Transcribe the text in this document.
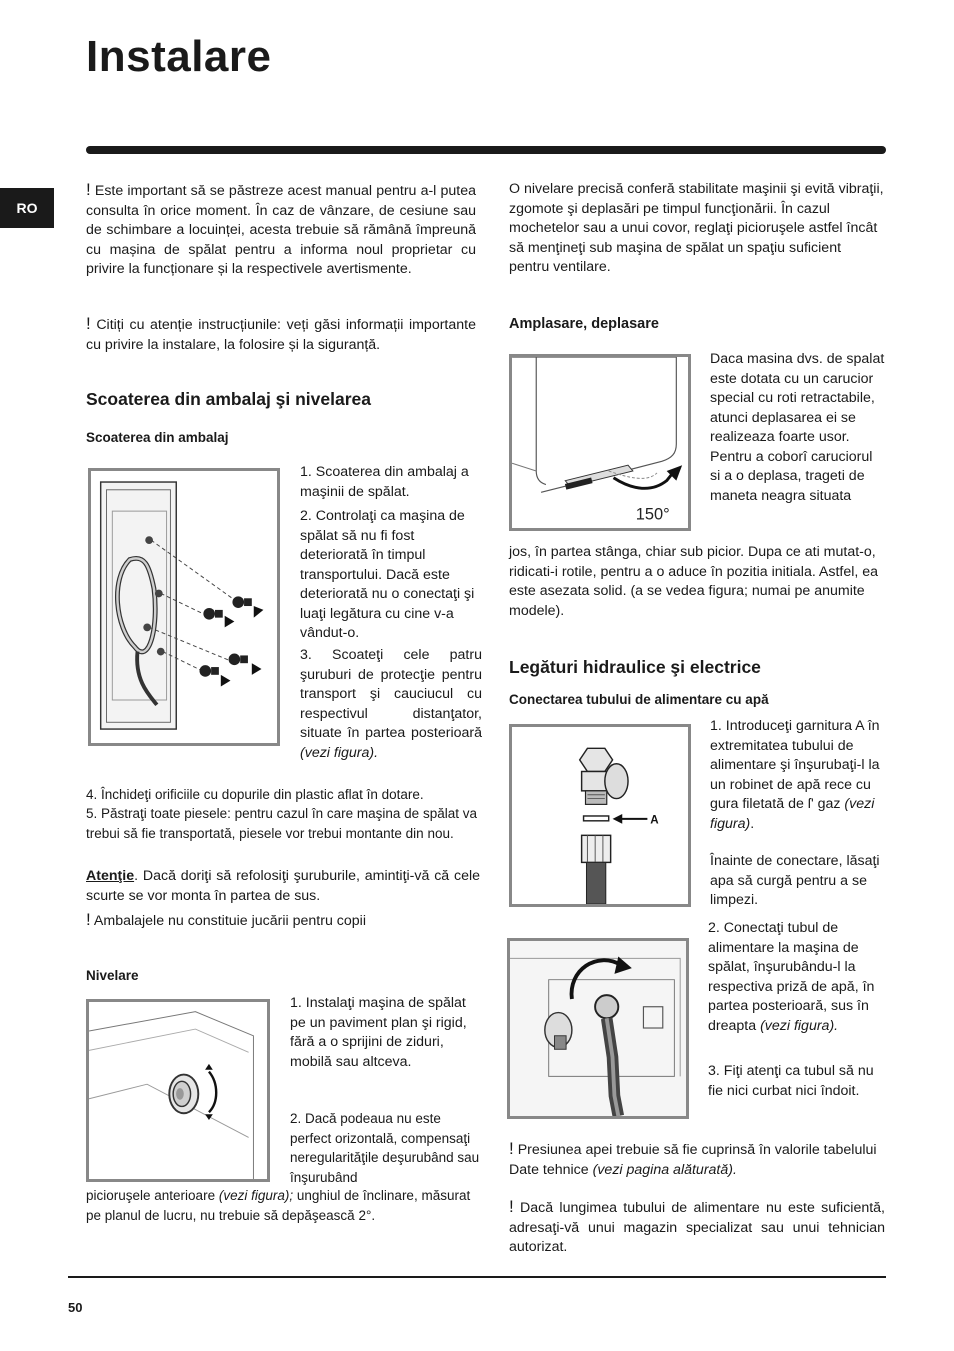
Instalare
RO

! Este important să se păstreze acest manual pentru a-l putea consulta în orice moment. În caz de vânzare, de cesiune sau de schimbare a locuinței, acesta trebuie să rămână împreună cu mașina de spălat pentru a informa noul proprietar cu privire la funcționare și la respectivele avertismente.

! Citiți cu atenție instrucțiunile: veți găsi informații importante cu privire la instalare, la folosire și la siguranță.

Scoaterea din ambalaj şi nivelarea
Scoaterea din ambalaj

1. Scoaterea din ambalaj a maşinii de spălat.

2. Controlaţi ca maşina de spălat să nu fi fost deteriorată în timpul transportului. Dacă este deteriorată nu o conectaţi şi luaţi legătura cu cine v-a vândut-o.

3. Scoateţi cele patru şuruburi de protecţie pentru transport şi cauciucul cu respectivul distanţator, situate în partea posterioară (vezi figura).

4. Închideţi orificiile cu dopurile din plastic aflat în dotare.

5. Păstraţi toate piesele: pentru cazul în care maşina de spălat va trebui să fie transportată, piesele vor trebui montante din nou.

Atenţie. Dacă doriţi să refolosiţi şuruburile, amintiţi-vă că cele scurte se vor monta în partea de sus.

! Ambalajele nu constituie jucării pentru copii

Nivelare

1. Instalaţi maşina de spălat pe un paviment plan şi rigid, fără a o sprijini de ziduri, mobilă sau altceva.

2. Dacă podeaua nu este perfect orizontală, compensaţi neregularităţile deşurubând sau înşurubând

picioruşele anterioare (vezi figura); unghiul de înclinare, măsurat pe planul de lucru, nu trebuie să depăşească 2°.

O nivelare precisă conferă stabilitate maşinii şi evită vibraţii, zgomote şi deplasări pe timpul funcţionării. În cazul mochetelor sau a unui covor, reglaţi picioruşele astfel încât să menţineţi sub maşina de spălat un spaţiu suficient pentru ventilare.

Amplasare, deplasare
150°

Daca masina dvs. de spalat este dotata cu un carucior special cu roti retractabile, atunci deplasarea ei se realizeaza foarte usor. Pentru a coborî caruciorul si a o deplasa, trageti de maneta neagra situata

jos, în partea stânga, chiar sub picior. Dupa ce ati mutat-o, ridicati-i rotile, pentru a o aduce în pozitia initiala. Astfel, ea este asezata solid. (a se vedea figura; numai pe anumite modele).

Legături hidraulice şi electrice
Conectarea tubului de alimentare cu apă
A

1. Introduceţi garnitura A în extremitatea tubului de alimentare şi înşurubaţi-l la un robinet de apă rece cu gura filetată de ſ' gaz (vezi figura).

Înainte de conectare, lăsaţi apa să curgă pentru a se limpezi.

2. Conectaţi tubul de alimentare la maşina de spălat, înşurubându-l la respectiva priză de apă, în partea posterioară, sus în dreapta (vezi figura).

3. Fiţi atenţi ca tubul să nu fie nici curbat nici îndoit.

! Presiunea apei trebuie să fie cuprinsă în valorile tabelului Date tehnice (vezi pagina alăturată).

! Dacă lungimea tubului de alimentare nu este suficientă, adresaţi-vă unui magazin specializat sau unui tehnician autorizat.

50
